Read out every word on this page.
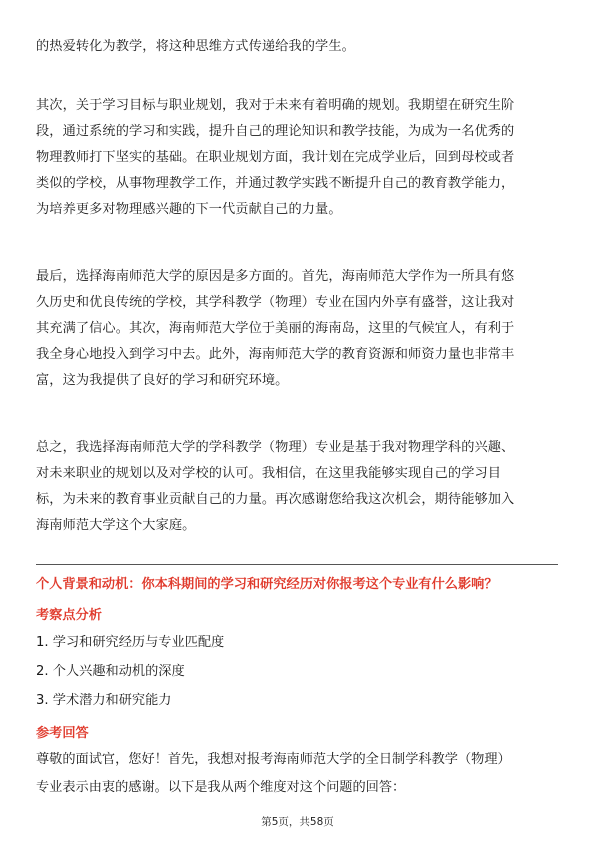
的热爱转化为教学，将这种思维方式传递给我的学生。

其次，关于学习目标与职业规划，我对于未来有着明确的规划。我期望在研究生阶

段，通过系统的学习和实践，提升自己的理论知识和教学技能，为成为一名优秀的

物理教师打下坚实的基础。在职业规划方面，我计划在完成学业后，回到母校或者

类似的学校，从事物理教学工作，并通过教学实践不断提升自己的教育教学能力，

为培养更多对物理感兴趣的下一代贡献自己的力量。

最后，选择海南师范大学的原因是多方面的。首先，海南师范大学作为一所具有悠

久历史和优良传统的学校，其学科教学（物理）专业在国内外享有盛誉，这让我对

其充满了信心。其次，海南师范大学位于美丽的海南岛，这里的气候宜人，有利于

我全身心地投入到学习中去。此外，海南师范大学的教育资源和师资力量也非常丰

富，这为我提供了良好的学习和研究环境。

总之，我选择海南师范大学的学科教学（物理）专业是基于我对物理学科的兴趣、

对未来职业的规划以及对学校的认可。我相信，在这里我能够实现自己的学习目

标，为未来的教育事业贡献自己的力量。再次感谢您给我这次机会，期待能够加入

海南师范大学这个大家庭。

个人背景和动机：你本科期间的学习和研究经历对你报考这个专业有什么影响？
考察点分析
1. 学习和研究经历与专业匹配度
2. 个人兴趣和动机的深度
3. 学术潜力和研究能力
参考回答
尊敬的面试官，您好！首先，我想对报考海南师范大学的全日制学科教学（物理）
专业表示由衷的感谢。以下是我从两个维度对这个问题的回答：
第5页，共58页
